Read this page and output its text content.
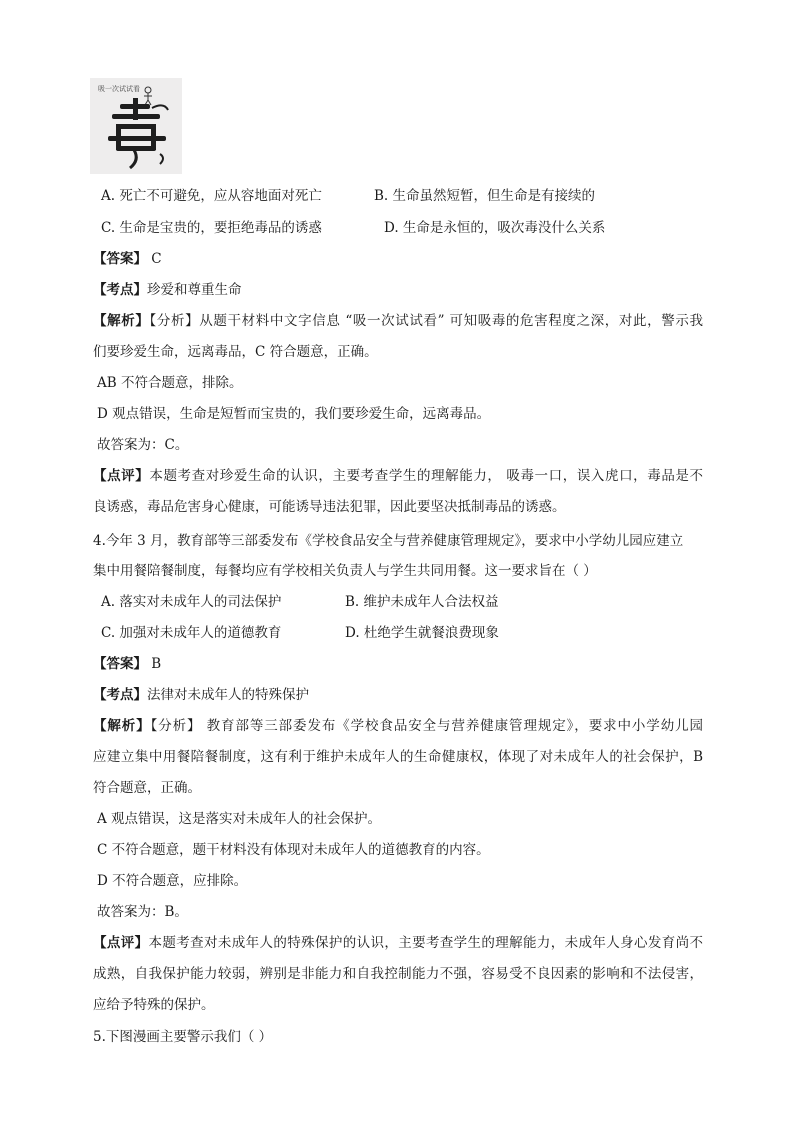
吸一次试试看
A. 死亡不可避免，应从容地面对死亡	B. 生命虽然短暂，但生命是有接续的
C. 生命是宝贵的，要拒绝毒品的诱惑	D. 生命是永恒的，吸次毒没什么关系
【答案】 C
【考点】珍爱和尊重生命
【解析】【分析】从题干材料中文字信息 “吸一次试试看” 可知吸毒的危害程度之深，对此，警示我
们要珍爱生命，远离毒品，C 符合题意，正确。
AB 不符合题意，排除。
D 观点错误，生命是短暂而宝贵的，我们要珍爱生命，远离毒品。
故答案为：C。
【点评】本题考查对珍爱生命的认识，主要考查学生的理解能力， 吸毒一口，误入虎口，毒品是不
良诱惑，毒品危害身心健康，可能诱导违法犯罪，因此要坚决抵制毒品的诱惑。
4.今年 3 月，教育部等三部委发布《学校食品安全与营养健康管理规定》，要求中小学幼儿园应建立
集中用餐陪餐制度，每餐均应有学校相关负责人与学生共同用餐。这一要求旨在（ ）
A. 落实对未成年人的司法保护	B. 维护未成年人合法权益
C. 加强对未成年人的道德教育	D. 杜绝学生就餐浪费现象
【答案】 B
【考点】法律对未成年人的特殊保护
【解析】【分析】 教育部等三部委发布《学校食品安全与营养健康管理规定》，要求中小学幼儿园
应建立集中用餐陪餐制度，这有利于维护未成年人的生命健康权，体现了对未成年人的社会保护，B
符合题意，正确。
A 观点错误，这是落实对未成年人的社会保护。
C 不符合题意，题干材料没有体现对未成年人的道德教育的内容。
D 不符合题意，应排除。
故答案为：B。
【点评】本题考查对未成年人的特殊保护的认识，主要考查学生的理解能力，未成年人身心发育尚不
成熟，自我保护能力较弱，辨别是非能力和自我控制能力不强，容易受不良因素的影响和不法侵害，
应给予特殊的保护。
5.下图漫画主要警示我们（ ）
